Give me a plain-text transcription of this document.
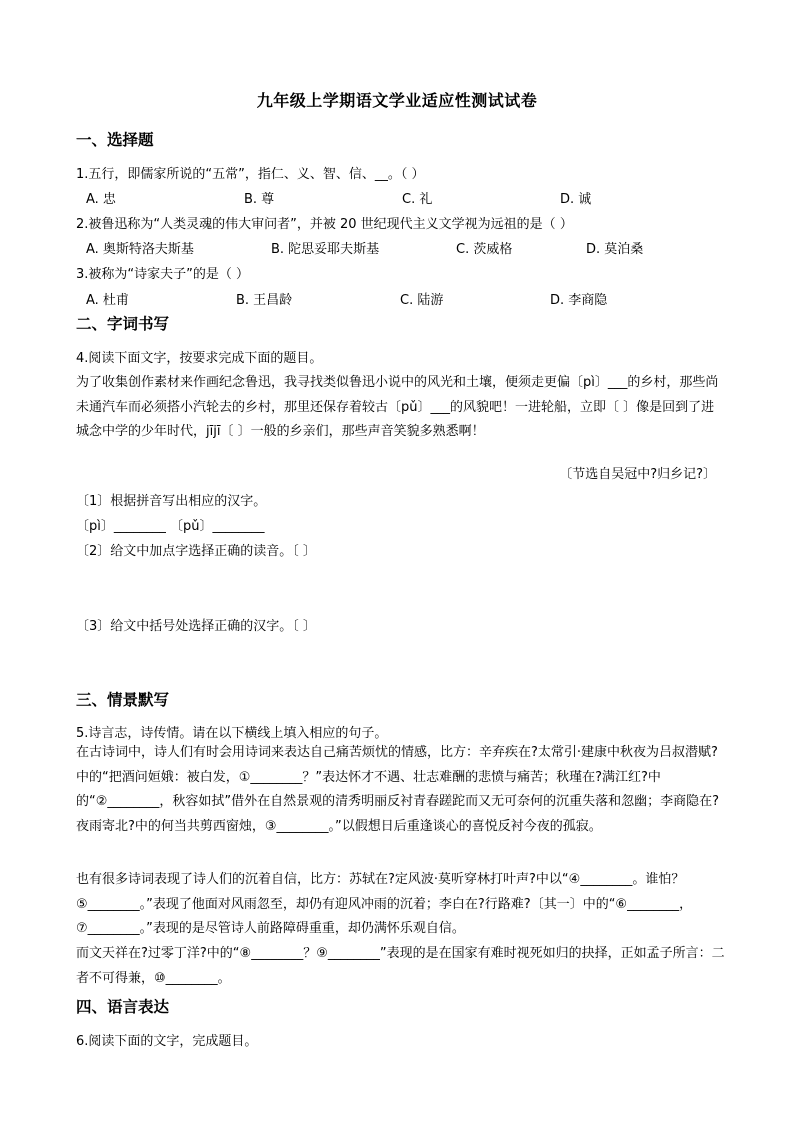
九年级上学期语文学业适应性测试试卷
一、选择题
1.五行，即儒家所说的“五常”，指仁、义、智、信、__。（ ）
A. 忠	B. 尊	C. 礼	D. 诚
2.被鲁迅称为“人类灵魂的伟大审问者”，并被 20 世纪现代主义文学视为远祖的是（ ）
A. 奥斯特洛夫斯基	B. 陀思妥耶夫斯基	C. 茨威格	D. 莫泊桑
3.被称为“诗家夫子”的是（ ）
A. 杜甫	B. 王昌龄	C. 陆游	D. 李商隐
二、字词书写
4.阅读下面文字，按要求完成下面的题目。
为了收集创作素材来作画纪念鲁迅，我寻找类似鲁迅小说中的风光和土壤，便须走更偏〔pì〕___的乡村，那些尚未通汽车而必须搭小汽轮去的乡村，那里还保存着较古〔pǔ〕___的风貌吧！一进轮船，立即〔 〕像是回到了进城念中学的少年时代，jījī〔 〕一般的乡亲们，那些声音笑貌多熟悉啊！
〔节选自吴冠中?归乡记?〕
〔1〕根据拼音写出相应的汉字。
〔pì〕________ 〔pǔ〕________
〔2〕给文中加点字选择正确的读音。〔 〕
〔3〕给文中括号处选择正确的汉字。〔 〕
三、情景默写
5.诗言志，诗传情。请在以下横线上填入相应的句子。
在古诗词中，诗人们有时会用诗词来表达自己痛苦烦忧的情感，比方：辛弃疾在?太常引·建康中秋夜为吕叔潜赋?中的“把酒问姮娥：被白发，①________？”表达怀才不遇、壮志难酬的悲愤与痛苦；秋瑾在?满江红?中的“②________，秋容如拭”借外在自然景观的清秀明丽反衬青春蹉跎而又无可奈何的沉重失落和忽幽；李商隐在?夜雨寄北?中的何当共剪西窗烛，③________。”以假想日后重逢谈心的喜悦反衬今夜的孤寂。
也有很多诗词表现了诗人们的沉着自信，比方：苏轼在?定风波·莫听穿林打叶声?中以“④________。谁怕？⑤________。”表现了他面对风雨忽至，却仍有迎风冲雨的沉着；李白在?行路难?〔其一〕中的“⑥________，⑦________。”表现的是尽管诗人前路障碍重重，却仍满怀乐观自信。
而文天祥在?过零丁洋?中的“⑧________？⑨________”表现的是在国家有难时视死如归的抉择，正如孟子所言：二者不可得兼，⑩________。
四、语言表达
6.阅读下面的文字，完成题目。
